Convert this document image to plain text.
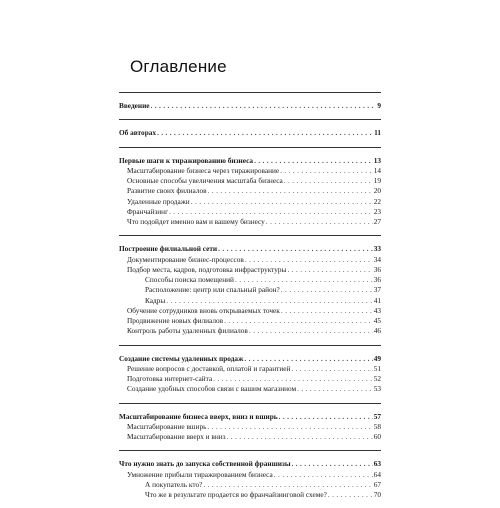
Оглавление
Введение . . .	9
Об авторах . . .	11
Первые шаги к тиражированию бизнеса . . .	13
Масштабирование бизнеса через тиражирование . . .	14
Основные способы увеличения масштаба бизнеса . . .	19
Развитие своих филиалов . . .	20
Удаленные продажи . . .	22
Франчайзинг . . .	23
Что подойдет именно вам и вашему бизнесу . . .	27
Построение филиальной сети . . .	33
Документирование бизнес-процессов . . .	34
Подбор места, кадров, подготовка инфраструктуры . . .	36
Способы поиска помещений . . .	36
Расположение: центр или спальный район? . . .	37
Кадры . . .	41
Обучение сотрудников вновь открываемых точек . . .	43
Продвижение новых филиалов . . .	45
Контроль работы удаленных филиалов . . .	46
Создание системы удаленных продаж . . .	49
Решение вопросов с доставкой, оплатой и гарантией . . .	51
Подготовка интернет-сайта . . .	52
Создание удобных способов связи с вашим магазином . . .	53
Масштабирование бизнеса вверх, вниз и вширь . . .	57
Масштабирование вширь . . .	58
Масштабирование вверх и вниз . . .	60
Что нужно знать до запуска собственной франшизы . . .	63
Умножение прибыли тиражированием бизнеса . . .	64
А покупатель кто? . . .	67
Что же в результате продается во франчайзинговой схеме? . . .	70
